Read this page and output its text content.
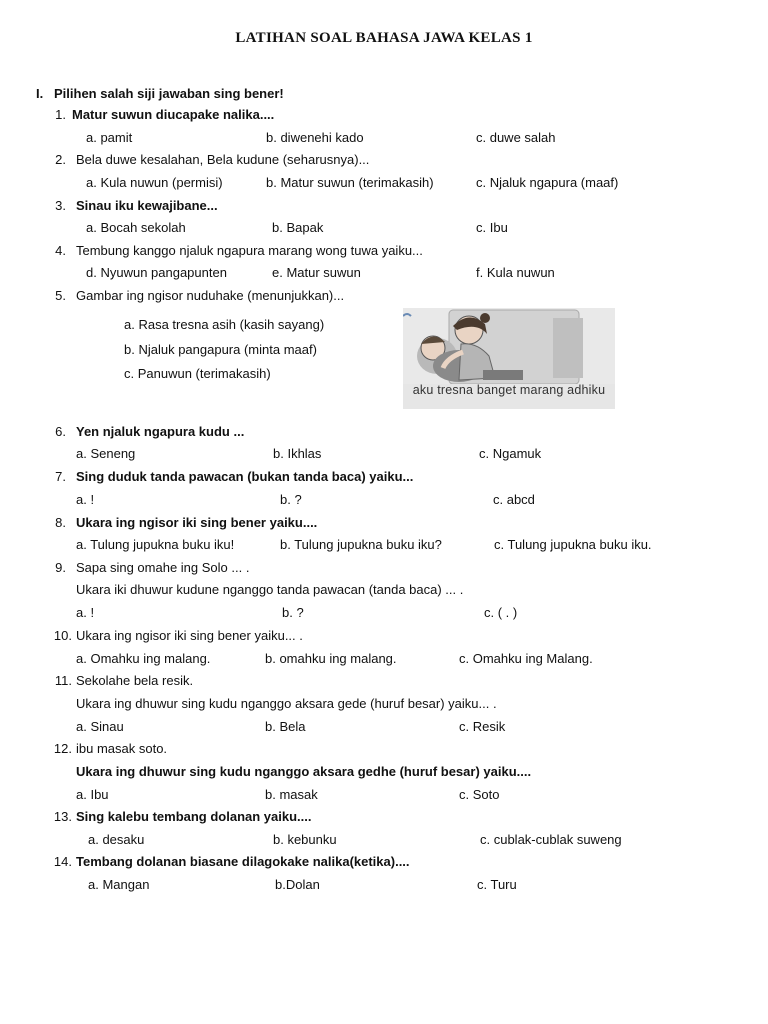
LATIHAN SOAL BAHASA JAWA KELAS 1
I. Pilihen salah siji jawaban sing bener!
1. Matur suwun diucapake nalika....
a. pamit	b. diwenehi kado	c. duwe salah
2. Bela duwe kesalahan, Bela kudune (seharusnya)...
a. Kula nuwun (permisi)	b. Matur suwun (terimakasih)	c. Njaluk ngapura (maaf)
3. Sinau iku kewajibane...
a. Bocah sekolah	b. Bapak	c. Ibu
4. Tembung kanggo njaluk ngapura marang wong tuwa yaiku...
d. Nyuwun pangapunten	e. Matur suwun	f. Kula nuwun
5. Gambar ing ngisor nuduhake (menunjukkan)...
a. Rasa tresna asih (kasih sayang)
b. Njaluk pangapura (minta maaf)
c. Panuwun (terimakasih)
aku tresna banget marang adhiku
6. Yen njaluk ngapura kudu ...
a. Seneng	b. Ikhlas	c. Ngamuk
7. Sing duduk tanda pawacan (bukan tanda baca) yaiku...
a. !	b. ?	c. abcd
8. Ukara ing ngisor iki sing bener yaiku....
a. Tulung jupukna buku iku!	b. Tulung jupukna buku iku?	c. Tulung jupukna buku iku.
9. Sapa sing omahe ing Solo ... .
Ukara iki dhuwur kudune nganggo tanda pawacan (tanda baca) ... .
a. !	b. ?	c. ( . )
10. Ukara ing ngisor iki sing bener yaiku... .
a. Omahku ing malang.	b. omahku ing malang.	c. Omahku ing Malang.
11. Sekolahe bela resik.
Ukara ing dhuwur sing kudu nganggo aksara gede (huruf besar) yaiku... .
a. Sinau	b. Bela	c. Resik
12. ibu masak soto.
Ukara ing dhuwur sing kudu nganggo aksara gedhe (huruf besar) yaiku....
a. Ibu	b. masak	c. Soto
13. Sing kalebu tembang dolanan yaiku....
a. desaku	b. kebunku	c. cublak-cublak suweng
14. Tembang dolanan biasane dilagokake nalika(ketika)....
a. Mangan	b.Dolan	c. Turu
